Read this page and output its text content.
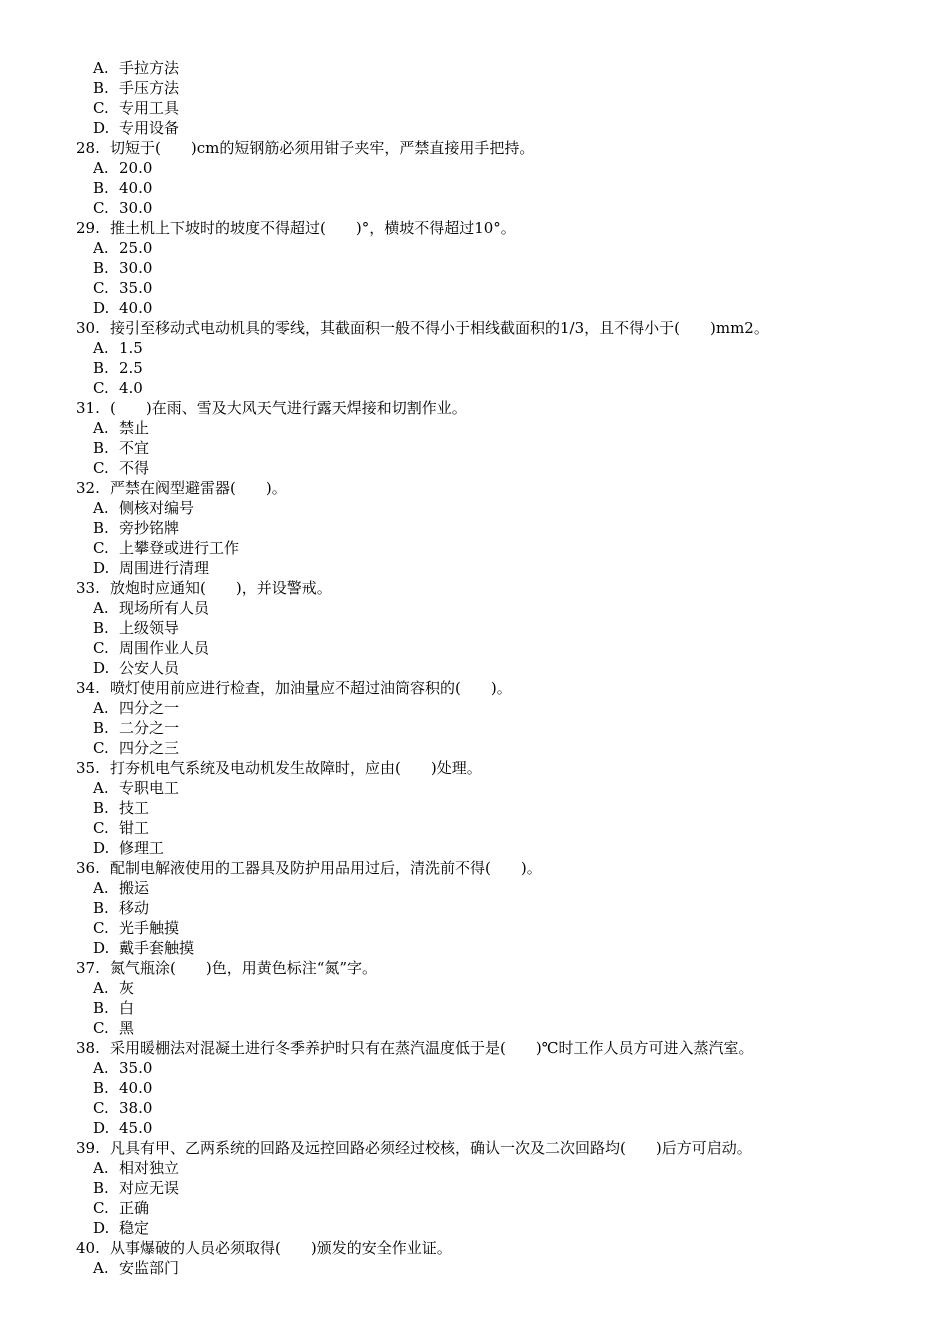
A. 手拉方法
B. 手压方法
C. 专用工具
D. 专用设备
28. 切短于(　　)cm的短钢筋必须用钳子夹牢，严禁直接用手把持。
A. 20.0
B. 40.0
C. 30.0
29. 推土机上下坡时的坡度不得超过(　　)°，横坡不得超过10°。
A. 25.0
B. 30.0
C. 35.0
D. 40.0
30. 接引至移动式电动机具的零线，其截面积一般不得小于相线截面积的1/3，且不得小于(　　)mm2。
A. 1.5
B. 2.5
C. 4.0
31. (　　)在雨、雪及大风天气进行露天焊接和切割作业。
A. 禁止
B. 不宜
C. 不得
32. 严禁在阀型避雷器(　　)。
A. 侧核对编号
B. 旁抄铭牌
C. 上攀登或进行工作
D. 周围进行清理
33. 放炮时应通知(　　)，并设警戒。
A. 现场所有人员
B. 上级领导
C. 周围作业人员
D. 公安人员
34. 喷灯使用前应进行检查，加油量应不超过油筒容积的(　　)。
A. 四分之一
B. 二分之一
C. 四分之三
35. 打夯机电气系统及电动机发生故障时，应由(　　)处理。
A. 专职电工
B. 技工
C. 钳工
D. 修理工
36. 配制电解液使用的工器具及防护用品用过后，清洗前不得(　　)。
A. 搬运
B. 移动
C. 光手触摸
D. 戴手套触摸
37. 氮气瓶涂(　　)色，用黄色标注“氮”字。
A. 灰
B. 白
C. 黑
38. 采用暖棚法对混凝土进行冬季养护时只有在蒸汽温度低于是(　　)℃时工作人员方可进入蒸汽室。
A. 35.0
B. 40.0
C. 38.0
D. 45.0
39. 凡具有甲、乙两系统的回路及远控回路必须经过校核，确认一次及二次回路均(　　)后方可启动。
A. 相对独立
B. 对应无误
C. 正确
D. 稳定
40. 从事爆破的人员必须取得(　　)颁发的安全作业证。
A. 安监部门
